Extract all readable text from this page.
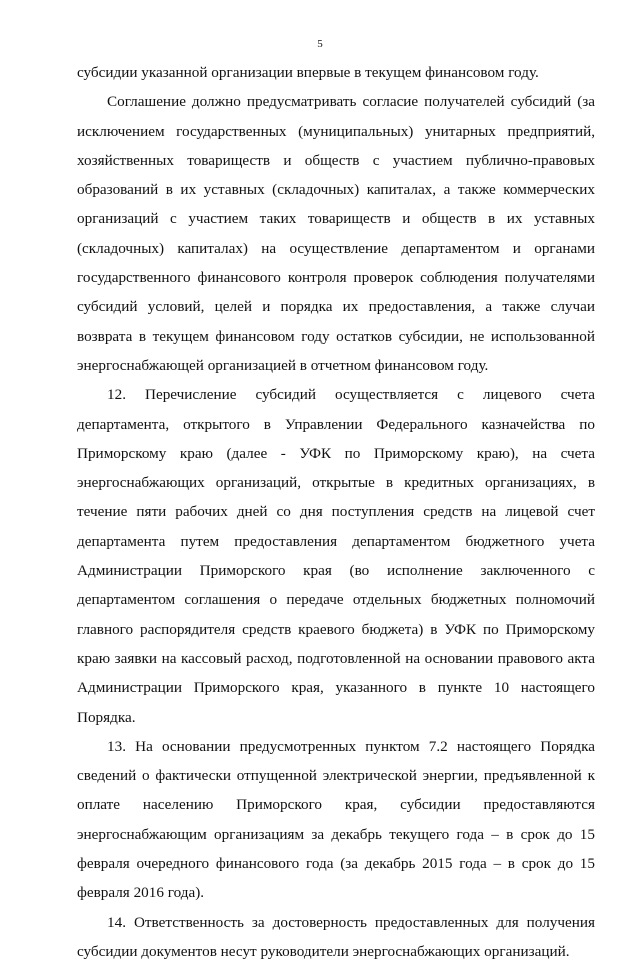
5

субсидии указанной организации впервые в текущем финансовом году.

Соглашение должно предусматривать согласие получателей субсидий (за исключением государственных (муниципальных) унитарных предприятий, хозяйственных товариществ и обществ с участием публично-правовых образований в их уставных (складочных) капиталах, а также коммерческих организаций с участием таких товариществ и обществ в их уставных (складочных) капиталах) на осуществление департаментом и органами государственного финансового контроля проверок соблюдения получателями субсидий условий, целей и порядка их предоставления, а также случаи возврата в текущем финансовом году остатков субсидии, не использованной энергоснабжающей организацией в отчетном финансовом году.

12. Перечисление субсидий осуществляется с лицевого счета департамента, открытого в Управлении Федерального казначейства по Приморскому краю (далее - УФК по Приморскому краю), на счета энергоснабжающих организаций, открытые в кредитных организациях, в течение пяти рабочих дней со дня поступления средств на лицевой счет департамента путем предоставления департаментом бюджетного учета Администрации Приморского края (во исполнение заключенного с департаментом соглашения о передаче отдельных бюджетных полномочий главного распорядителя средств краевого бюджета) в УФК по Приморскому краю заявки на кассовый расход, подготовленной на основании правового акта Администрации Приморского края, указанного в пункте 10 настоящего Порядка.

13. На основании предусмотренных пунктом 7.2 настоящего Порядка сведений о фактически отпущенной электрической энергии, предъявленной к оплате населению Приморского края, субсидии предоставляются энергоснабжающим организациям за декабрь текущего года – в срок до 15 февраля очередного финансового года (за декабрь 2015 года – в срок до 15 февраля 2016 года).

14. Ответственность за достоверность предоставленных для получения субсидии документов несут руководители энергоснабжающих организаций.
